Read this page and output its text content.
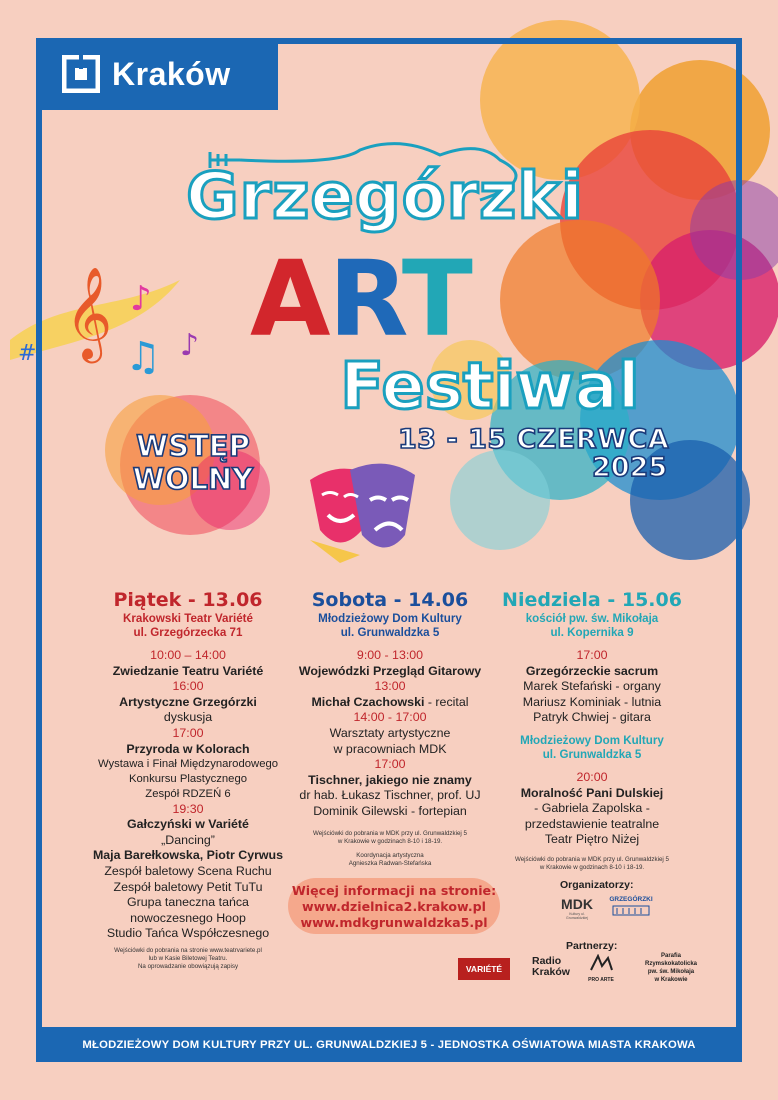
Kraków
𝄞 ♪
♫ ♪
#
Grzegórzki
ART
Festiwal
13 - 15 CZERWCA
2025
WSTĘP
WOLNY
Piątek - 13.06
Krakowski Teatr Variété
ul. Grzegórzecka 71
10:00 – 14:00
Zwiedzanie Teatru Variété
16:00
Artystyczne Grzegórzki
dyskusja
17:00
Przyroda w Kolorach
Wystawa i Finał Międzynarodowego
Konkursu Plastycznego
Zespół RDZEŃ 6
19:30
Gałczyński w Variété
„Dancing”
Maja Barełkowska, Piotr Cyrwus
Zespół baletowy Scena Ruchu
Zespół baletowy Petit TuTu
Grupa taneczna tańca
nowoczesnego Hoop
Studio Tańca Współczesnego
Wejściówki do pobrania na stronie www.teatrvariete.pl
lub w Kasie Biletowej Teatru.
Na oprowadzanie obowiązują zapisy
Sobota - 14.06
Młodzieżowy Dom Kultury
ul. Grunwaldzka 5
9:00 - 13:00
Wojewódzki Przegląd Gitarowy
13:00
Michał Czachowski - recital
14:00 - 17:00
Warsztaty artystyczne
w pracowniach MDK
17:00
Tischner, jakiego nie znamy
dr hab. Łukasz Tischner, prof. UJ
Dominik Gilewski - fortepian
Wejściówki do pobrania w MDK przy ul. Grunwaldzkiej 5
w Krakowie w godzinach 8-10 i 18-19.
Koordynacja artystyczna
Agnieszka Radwan-Stefańska
Niedziela - 15.06
kościół pw. św. Mikołaja
ul. Kopernika 9
17:00
Grzegórzeckie sacrum
Marek Stefański - organy
Mariusz Kominiak - lutnia
Patryk Chwiej - gitara
Młodzieżowy Dom Kultury
ul. Grunwaldzka 5
20:00
Moralność Pani Dulskiej
- Gabriela Zapolska -
przedstawienie teatralne
Teatr Piętro Niżej
Wejściówki do pobrania w MDK przy ul. Grunwaldzkiej 5
w Krakowie w godzinach 8-10 i 18-19.
Więcej informacji na stronie:
www.dzielnica2.krakow.pl
www.mdkgrunwaldzka5.pl
Organizatorzy:
MDK
Kultury ul. Grunwaldzkiej
GRZEGÓRZKI
Partnerzy:
VARIÉTÉ
Radio
Kraków
PRO ARTE
Parafia
Rzymskokatolicka
pw. św. Mikołaja
w Krakowie
MŁODZIEŻOWY DOM KULTURY PRZY UL. GRUNWALDZKIEJ 5 - JEDNOSTKA OŚWIATOWA MIASTA KRAKOWA
